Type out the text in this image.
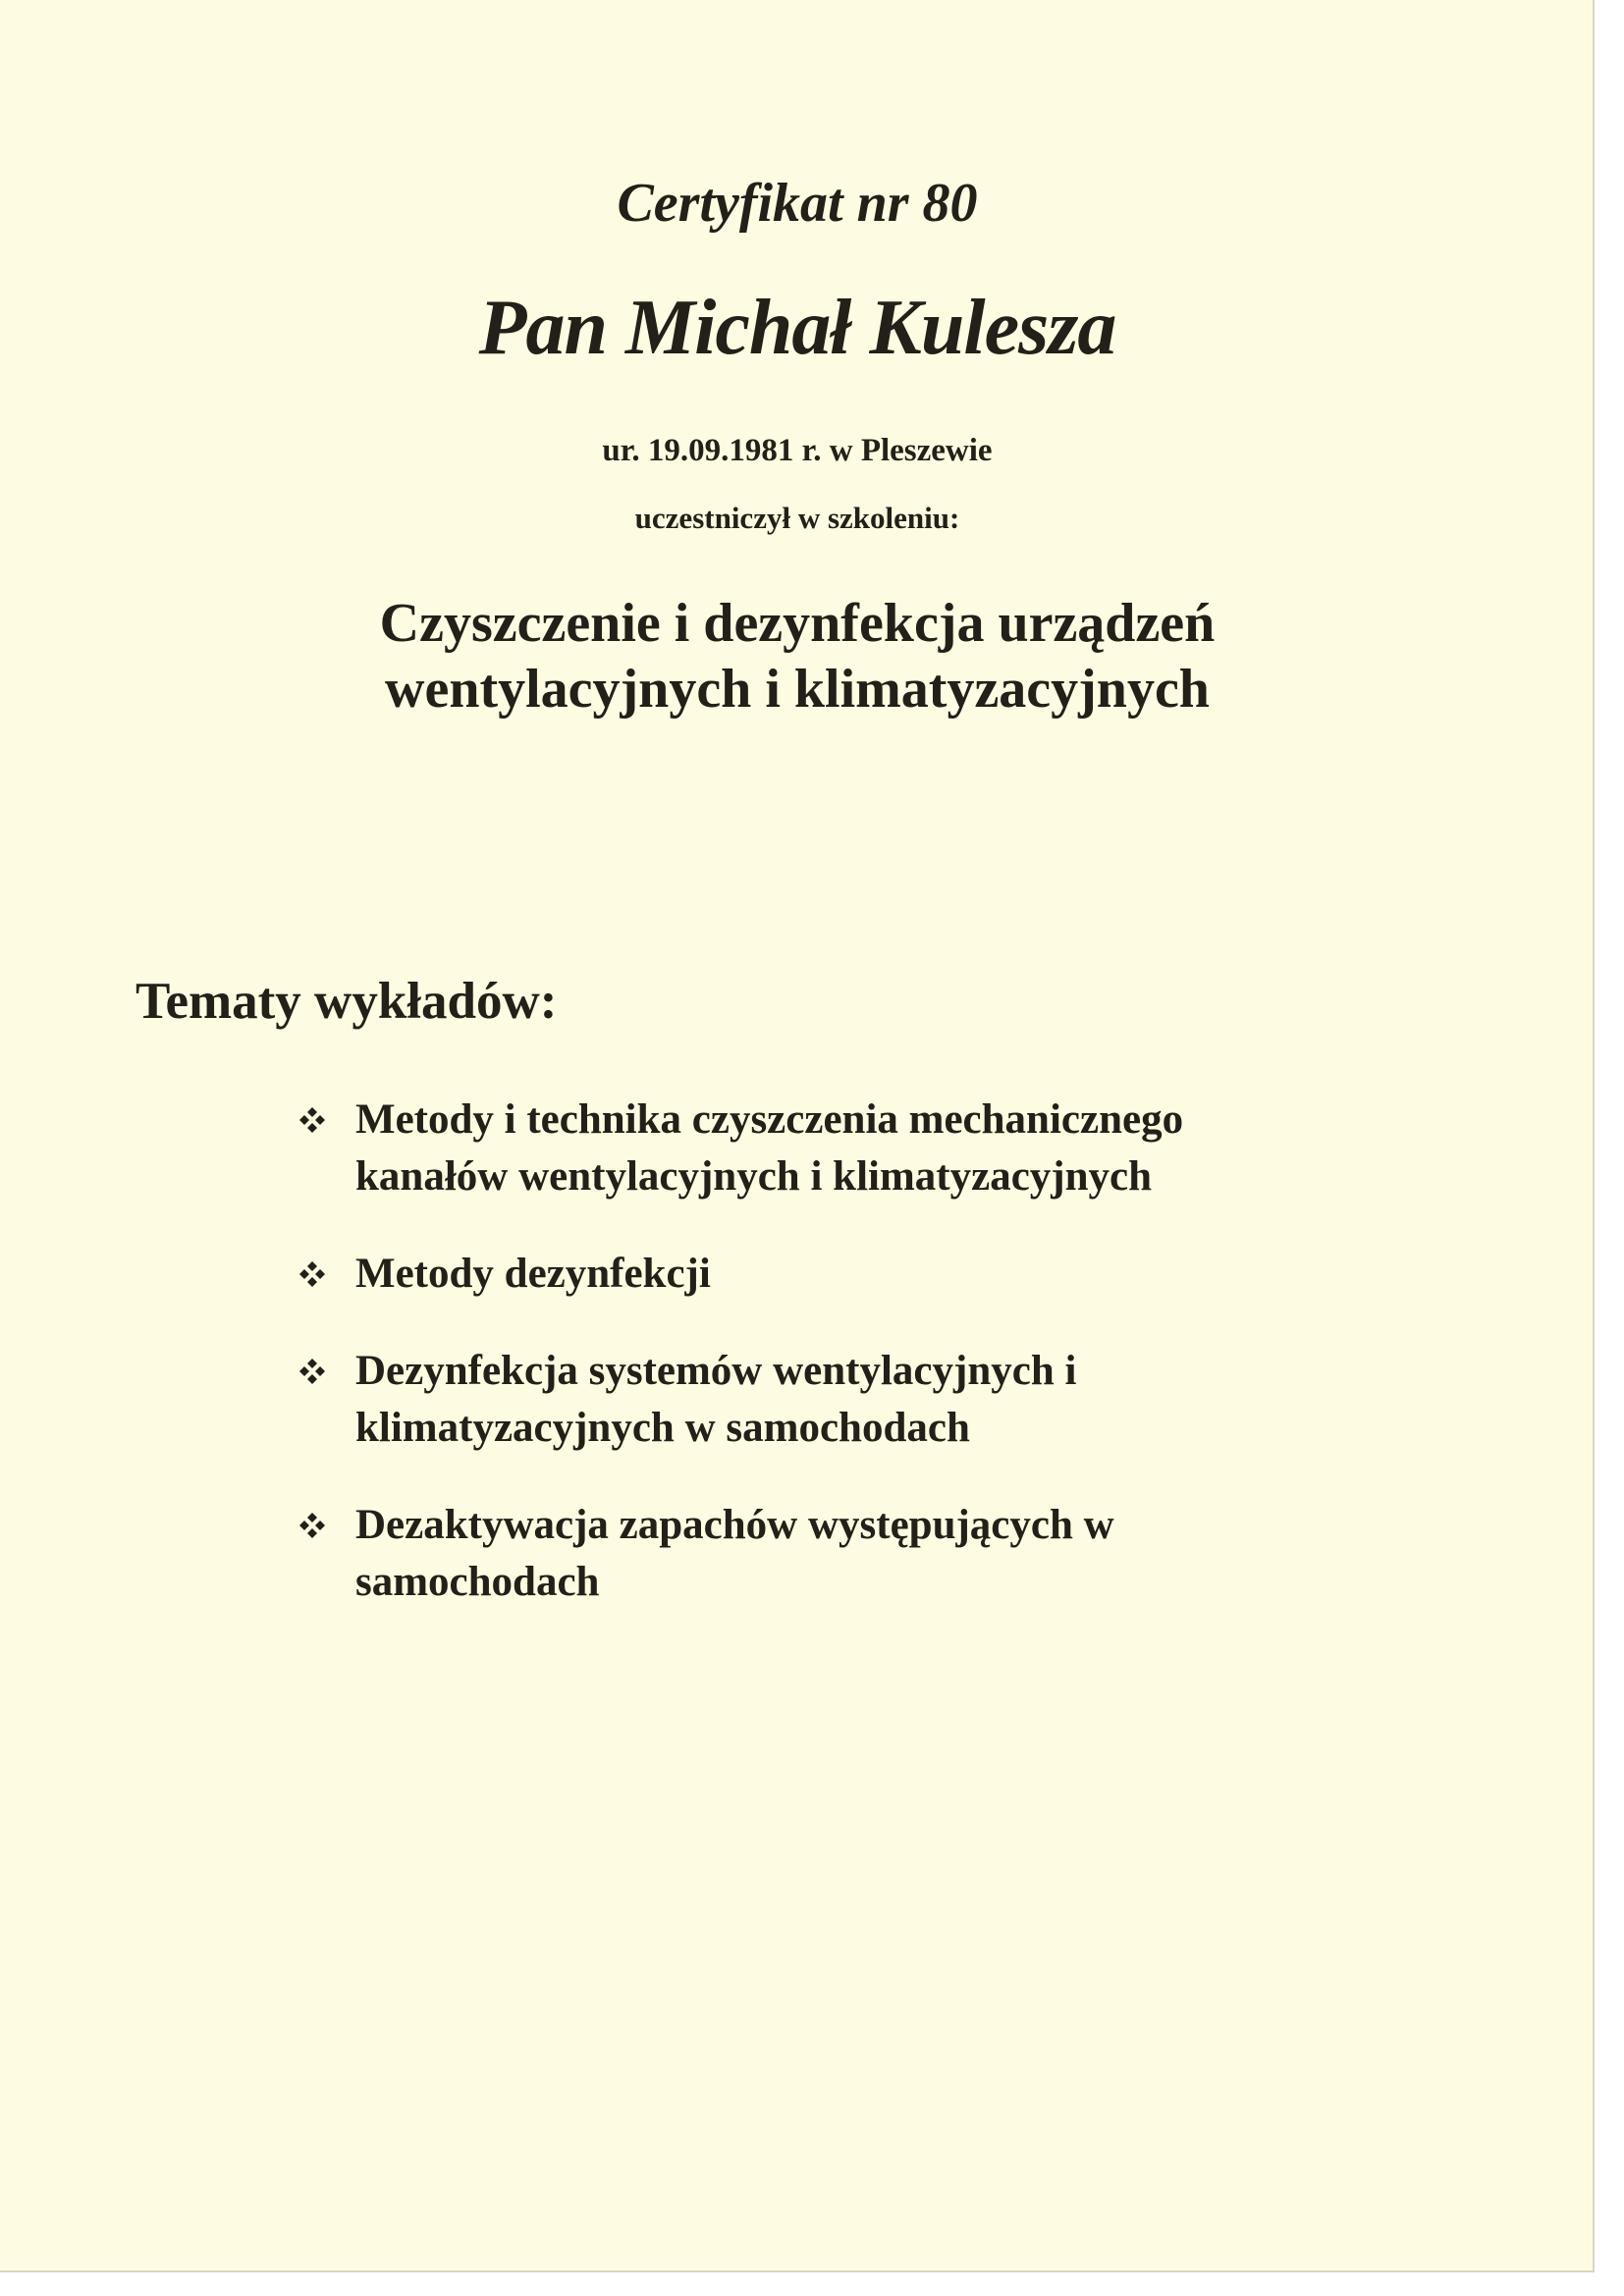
Certyfikat nr 80
Pan Michał Kulesza
ur. 19.09.1981 r. w Pleszewie
uczestniczył w szkoleniu:
Czyszczenie i dezynfekcja urządzeń
wentylacyjnych i klimatyzacyjnych
Tematy wykładów:
Metody i technika czyszczenia mechanicznego
kanałów wentylacyjnych i klimatyzacyjnych
Metody dezynfekcji
Dezynfekcja systemów wentylacyjnych i
klimatyzacyjnych w samochodach
Dezaktywacja zapachów występujących w
samochodach
